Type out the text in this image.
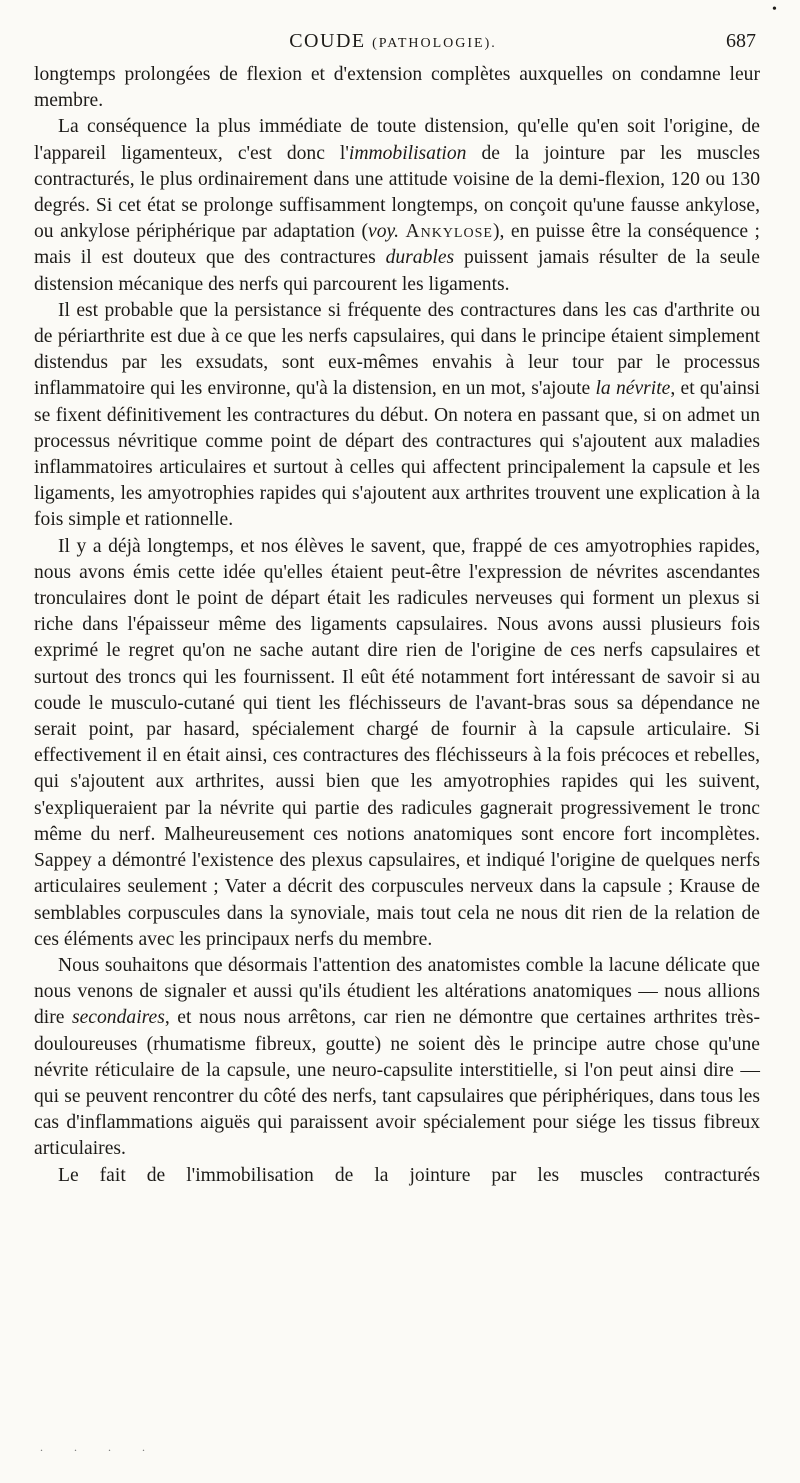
•
COUDE (PATHOLOGIE).	687

longtemps prolongées de flexion et d'extension complètes auxquelles on condamne leur membre.

La conséquence la plus immédiate de toute distension, qu'elle qu'en soit l'origine, de l'appareil ligamenteux, c'est donc l'immobilisation de la jointure par les muscles contracturés, le plus ordinairement dans une attitude voisine de la demi-flexion, 120 ou 130 degrés. Si cet état se prolonge suffisamment longtemps, on conçoit qu'une fausse ankylose, ou ankylose périphérique par adaptation (voy. Ankylose), en puisse être la conséquence ; mais il est douteux que des contractures durables puissent jamais résulter de la seule distension mécanique des nerfs qui parcourent les ligaments.

Il est probable que la persistance si fréquente des contractures dans les cas d'arthrite ou de périarthrite est due à ce que les nerfs capsulaires, qui dans le principe étaient simplement distendus par les exsudats, sont eux-mêmes envahis à leur tour par le processus inflammatoire qui les environne, qu'à la distension, en un mot, s'ajoute la névrite, et qu'ainsi se fixent définitivement les contractures du début. On notera en passant que, si on admet un processus névritique comme point de départ des contractures qui s'ajoutent aux maladies inflammatoires articulaires et surtout à celles qui affectent principalement la capsule et les ligaments, les amyotrophies rapides qui s'ajoutent aux arthrites trouvent une explication à la fois simple et rationnelle.

Il y a déjà longtemps, et nos élèves le savent, que, frappé de ces amyotrophies rapides, nous avons émis cette idée qu'elles étaient peut-être l'expression de névrites ascendantes tronculaires dont le point de départ était les radicules nerveuses qui forment un plexus si riche dans l'épaisseur même des ligaments capsulaires. Nous avons aussi plusieurs fois exprimé le regret qu'on ne sache autant dire rien de l'origine de ces nerfs capsulaires et surtout des troncs qui les fournissent. Il eût été notamment fort intéressant de savoir si au coude le musculo-cutané qui tient les fléchisseurs de l'avant-bras sous sa dépendance ne serait point, par hasard, spécialement chargé de fournir à la capsule articulaire. Si effectivement il en était ainsi, ces contractures des fléchisseurs à la fois précoces et rebelles, qui s'ajoutent aux arthrites, aussi bien que les amyotrophies rapides qui les suivent, s'expliqueraient par la névrite qui partie des radicules gagnerait progressivement le tronc même du nerf. Malheureusement ces notions anatomiques sont encore fort incomplètes. Sappey a démontré l'existence des plexus capsulaires, et indiqué l'origine de quelques nerfs articulaires seulement ; Vater a décrit des corpuscules nerveux dans la capsule ; Krause de semblables corpuscules dans la synoviale, mais tout cela ne nous dit rien de la relation de ces éléments avec les principaux nerfs du membre.

Nous souhaitons que désormais l'attention des anatomistes comble la lacune délicate que nous venons de signaler et aussi qu'ils étudient les altérations anatomiques — nous allions dire secondaires, et nous nous arrêtons, car rien ne démontre que certaines arthrites très-douloureuses (rhumatisme fibreux, goutte) ne soient dès le principe autre chose qu'une névrite réticulaire de la capsule, une neuro-capsulite interstitielle, si l'on peut ainsi dire — qui se peuvent rencontrer du côté des nerfs, tant capsulaires que périphériques, dans tous les cas d'inflammations aiguës qui paraissent avoir spécialement pour siége les tissus fibreux articulaires.

Le fait de l'immobilisation de la jointure par les muscles contracturés

. . . .
